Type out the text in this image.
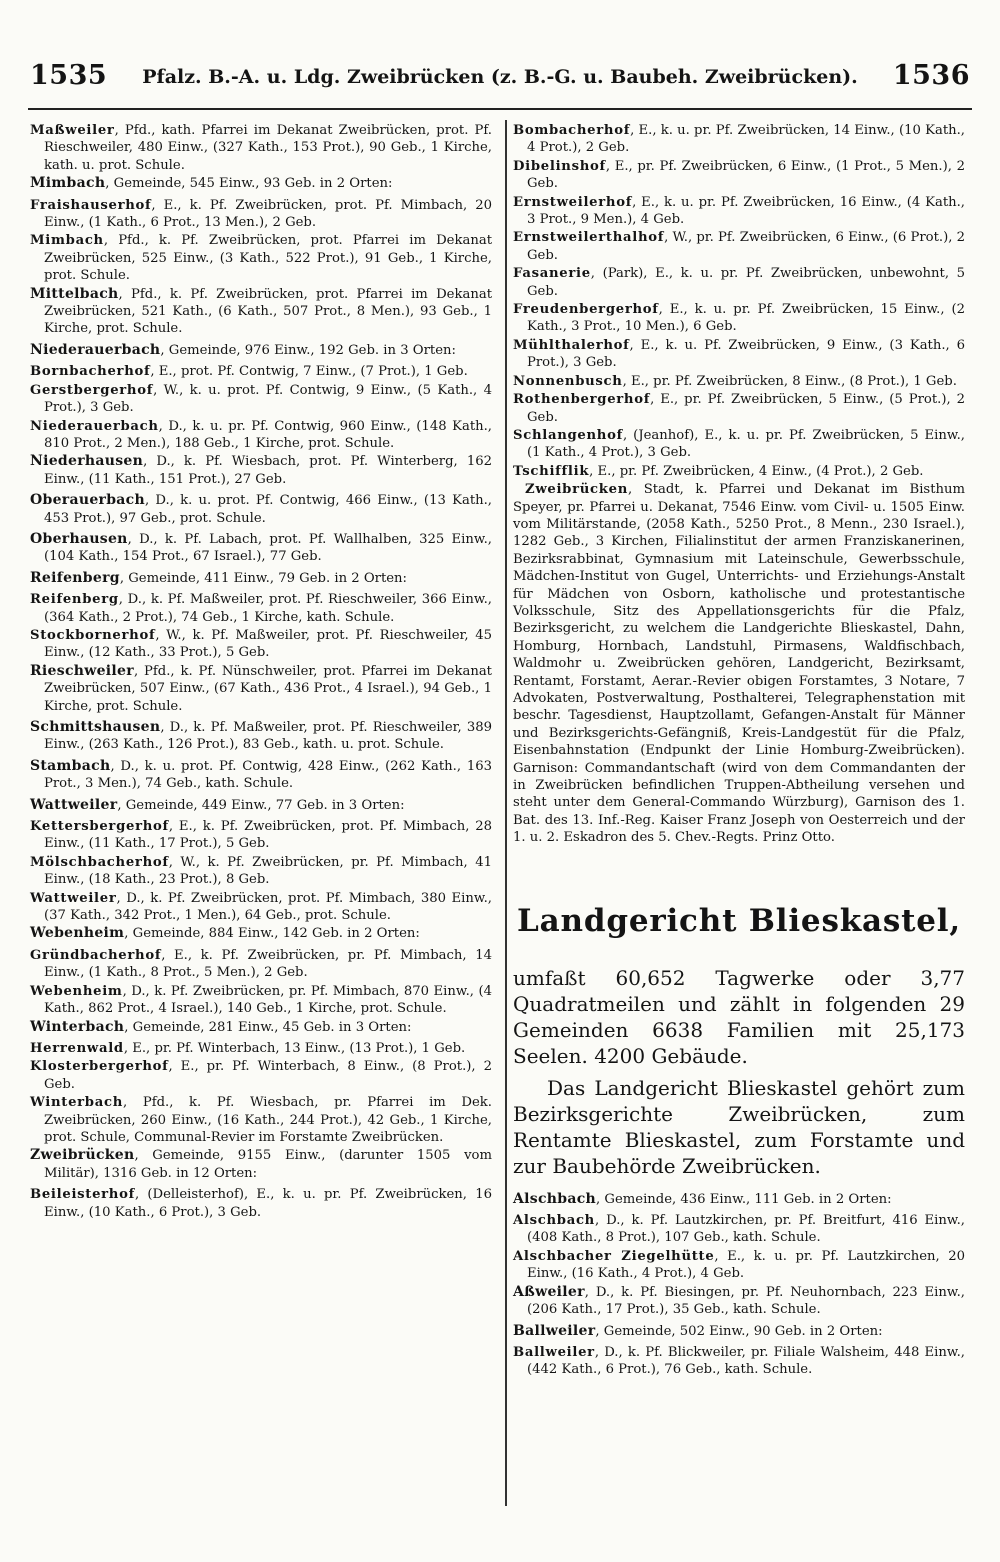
1535	Pfalz. B.-A. u. Ldg. Zweibrücken (z. B.-G. u. Baubeh. Zweibrücken).	1536

Maßweiler, Pfd., kath. Pfarrei im Dekanat Zweibrücken, prot. Pf. Rieschweiler, 480 Einw., (327 Kath., 153 Prot.), 90 Geb., 1 Kirche, kath. u. prot. Schule.

Mimbach, Gemeinde, 545 Einw., 93 Geb. in 2 Orten:

Fraishauserhof, E., k. Pf. Zweibrücken, prot. Pf. Mimbach, 20 Einw., (1 Kath., 6 Prot., 13 Men.), 2 Geb.

Mimbach, Pfd., k. Pf. Zweibrücken, prot. Pfarrei im Dekanat Zweibrücken, 525 Einw., (3 Kath., 522 Prot.), 91 Geb., 1 Kirche, prot. Schule.

Mittelbach, Pfd., k. Pf. Zweibrücken, prot. Pfarrei im Dekanat Zweibrücken, 521 Kath., (6 Kath., 507 Prot., 8 Men.), 93 Geb., 1 Kirche, prot. Schule.

Niederauerbach, Gemeinde, 976 Einw., 192 Geb. in 3 Orten:

Bornbacherhof, E., prot. Pf. Contwig, 7 Einw., (7 Prot.), 1 Geb.

Gerstbergerhof, W., k. u. prot. Pf. Contwig, 9 Einw., (5 Kath., 4 Prot.), 3 Geb.

Niederauerbach, D., k. u. pr. Pf. Contwig, 960 Einw., (148 Kath., 810 Prot., 2 Men.), 188 Geb., 1 Kirche, prot. Schule.

Niederhausen, D., k. Pf. Wiesbach, prot. Pf. Winterberg, 162 Einw., (11 Kath., 151 Prot.), 27 Geb.

Oberauerbach, D., k. u. prot. Pf. Contwig, 466 Einw., (13 Kath., 453 Prot.), 97 Geb., prot. Schule.

Oberhausen, D., k. Pf. Labach, prot. Pf. Wallhalben, 325 Einw., (104 Kath., 154 Prot., 67 Israel.), 77 Geb.

Reifenberg, Gemeinde, 411 Einw., 79 Geb. in 2 Orten:

Reifenberg, D., k. Pf. Maßweiler, prot. Pf. Rieschweiler, 366 Einw., (364 Kath., 2 Prot.), 74 Geb., 1 Kirche, kath. Schule.

Stockbornerhof, W., k. Pf. Maßweiler, prot. Pf. Rieschweiler, 45 Einw., (12 Kath., 33 Prot.), 5 Geb.

Rieschweiler, Pfd., k. Pf. Nünschweiler, prot. Pfarrei im Dekanat Zweibrücken, 507 Einw., (67 Kath., 436 Prot., 4 Israel.), 94 Geb., 1 Kirche, prot. Schule.

Schmittshausen, D., k. Pf. Maßweiler, prot. Pf. Rieschweiler, 389 Einw., (263 Kath., 126 Prot.), 83 Geb., kath. u. prot. Schule.

Stambach, D., k. u. prot. Pf. Contwig, 428 Einw., (262 Kath., 163 Prot., 3 Men.), 74 Geb., kath. Schule.

Wattweiler, Gemeinde, 449 Einw., 77 Geb. in 3 Orten:

Kettersbergerhof, E., k. Pf. Zweibrücken, prot. Pf. Mimbach, 28 Einw., (11 Kath., 17 Prot.), 5 Geb.

Mölschbacherhof, W., k. Pf. Zweibrücken, pr. Pf. Mimbach, 41 Einw., (18 Kath., 23 Prot.), 8 Geb.

Wattweiler, D., k. Pf. Zweibrücken, prot. Pf. Mimbach, 380 Einw., (37 Kath., 342 Prot., 1 Men.), 64 Geb., prot. Schule.

Webenheim, Gemeinde, 884 Einw., 142 Geb. in 2 Orten:

Gründbacherhof, E., k. Pf. Zweibrücken, pr. Pf. Mimbach, 14 Einw., (1 Kath., 8 Prot., 5 Men.), 2 Geb.

Webenheim, D., k. Pf. Zweibrücken, pr. Pf. Mimbach, 870 Einw., (4 Kath., 862 Prot., 4 Israel.), 140 Geb., 1 Kirche, prot. Schule.

Winterbach, Gemeinde, 281 Einw., 45 Geb. in 3 Orten:

Herrenwald, E., pr. Pf. Winterbach, 13 Einw., (13 Prot.), 1 Geb.

Klosterbergerhof, E., pr. Pf. Winterbach, 8 Einw., (8 Prot.), 2 Geb.

Winterbach, Pfd., k. Pf. Wiesbach, pr. Pfarrei im Dek. Zweibrücken, 260 Einw., (16 Kath., 244 Prot.), 42 Geb., 1 Kirche, prot. Schule, Communal-Revier im Forstamte Zweibrücken.

Zweibrücken, Gemeinde, 9155 Einw., (darunter 1505 vom Militär), 1316 Geb. in 12 Orten:

Beileisterhof, (Delleisterhof), E., k. u. pr. Pf. Zweibrücken, 16 Einw., (10 Kath., 6 Prot.), 3 Geb.

Bombacherhof, E., k. u. pr. Pf. Zweibrücken, 14 Einw., (10 Kath., 4 Prot.), 2 Geb.

Dibelinshof, E., pr. Pf. Zweibrücken, 6 Einw., (1 Prot., 5 Men.), 2 Geb.

Ernstweilerhof, E., k. u. pr. Pf. Zweibrücken, 16 Einw., (4 Kath., 3 Prot., 9 Men.), 4 Geb.

Ernstweilerthalhof, W., pr. Pf. Zweibrücken, 6 Einw., (6 Prot.), 2 Geb.

Fasanerie, (Park), E., k. u. pr. Pf. Zweibrücken, unbewohnt, 5 Geb.

Freudenbergerhof, E., k. u. pr. Pf. Zweibrücken, 15 Einw., (2 Kath., 3 Prot., 10 Men.), 6 Geb.

Mühlthalerhof, E., k. u. Pf. Zweibrücken, 9 Einw., (3 Kath., 6 Prot.), 3 Geb.

Nonnenbusch, E., pr. Pf. Zweibrücken, 8 Einw., (8 Prot.), 1 Geb.

Rothenbergerhof, E., pr. Pf. Zweibrücken, 5 Einw., (5 Prot.), 2 Geb.

Schlangenhof, (Jeanhof), E., k. u. pr. Pf. Zweibrücken, 5 Einw., (1 Kath., 4 Prot.), 3 Geb.

Tschifflik, E., pr. Pf. Zweibrücken, 4 Einw., (4 Prot.), 2 Geb.

Zweibrücken, Stadt, k. Pfarrei und Dekanat im Bisthum Speyer, pr. Pfarrei u. Dekanat, 7546 Einw. vom Civil- u. 1505 Einw. vom Militärstande, (2058 Kath., 5250 Prot., 8 Menn., 230 Israel.), 1282 Geb., 3 Kirchen, Filialinstitut der armen Franziskanerinen, Bezirksrabbinat, Gymnasium mit Lateinschule, Gewerbsschule, Mädchen-Institut von Gugel, Unterrichts- und Erziehungs-Anstalt für Mädchen von Osborn, katholische und protestantische Volksschule, Sitz des Appellationsgerichts für die Pfalz, Bezirksgericht, zu welchem die Landgerichte Blieskastel, Dahn, Homburg, Hornbach, Landstuhl, Pirmasens, Waldfischbach, Waldmohr u. Zweibrücken gehören, Landgericht, Bezirksamt, Rentamt, Forstamt, Aerar.-Revier obigen Forstamtes, 3 Notare, 7 Advokaten, Postverwaltung, Posthalterei, Telegraphenstation mit beschr. Tagesdienst, Hauptzollamt, Gefangen-Anstalt für Männer und Bezirksgerichts-Gefängniß, Kreis-Landgestüt für die Pfalz, Eisenbahnstation (Endpunkt der Linie Homburg-Zweibrücken). Garnison: Commandantschaft (wird von dem Commandanten der in Zweibrücken befindlichen Truppen-Abtheilung versehen und steht unter dem General-Commando Würzburg), Garnison des 1. Bat. des 13. Inf.-Reg. Kaiser Franz Joseph von Oesterreich und der 1. u. 2. Eskadron des 5. Chev.-Regts. Prinz Otto.

Landgericht Blieskastel,

umfaßt 60,652 Tagwerke oder 3,77 Quadratmeilen und zählt in folgenden 29 Gemeinden 6638 Familien mit 25,173 Seelen. 4200 Gebäude.

Das Landgericht Blieskastel gehört zum Bezirksgerichte Zweibrücken, zum Rentamte Blieskastel, zum Forstamte und zur Baubehörde Zweibrücken.

Alschbach, Gemeinde, 436 Einw., 111 Geb. in 2 Orten:

Alschbach, D., k. Pf. Lautzkirchen, pr. Pf. Breitfurt, 416 Einw., (408 Kath., 8 Prot.), 107 Geb., kath. Schule.

Alschbacher Ziegelhütte, E., k. u. pr. Pf. Lautzkirchen, 20 Einw., (16 Kath., 4 Prot.), 4 Geb.

Aßweiler, D., k. Pf. Biesingen, pr. Pf. Neuhornbach, 223 Einw., (206 Kath., 17 Prot.), 35 Geb., kath. Schule.

Ballweiler, Gemeinde, 502 Einw., 90 Geb. in 2 Orten:

Ballweiler, D., k. Pf. Blickweiler, pr. Filiale Walsheim, 448 Einw., (442 Kath., 6 Prot.), 76 Geb., kath. Schule.
